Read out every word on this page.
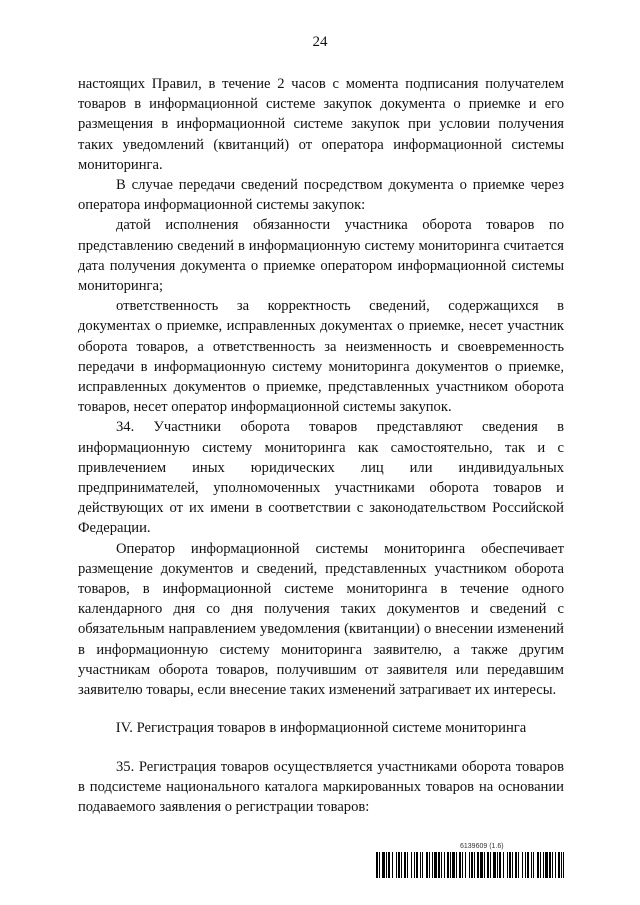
24

настоящих Правил, в течение 2 часов с момента подписания получателем товаров в информационной системе закупок документа о приемке и его размещения в информационной системе закупок при условии получения таких уведомлений (квитанций) от оператора информационной системы мониторинга.

В случае передачи сведений посредством документа о приемке через оператора информационной системы закупок:

датой исполнения обязанности участника оборота товаров по представлению сведений в информационную систему мониторинга считается дата получения документа о приемке оператором информационной системы мониторинга;

ответственность за корректность сведений, содержащихся в документах о приемке, исправленных документах о приемке, несет участник оборота товаров, а ответственность за неизменность и своевременность передачи в информационную систему мониторинга документов о приемке, исправленных документов о приемке, представленных участником оборота товаров, несет оператор информационной системы закупок.

34. Участники оборота товаров представляют сведения в информационную систему мониторинга как самостоятельно, так и с привлечением иных юридических лиц или индивидуальных предпринимателей, уполномоченных участниками оборота товаров и действующих от их имени в соответствии с законодательством Российской Федерации.

Оператор информационной системы мониторинга обеспечивает размещение документов и сведений, представленных участником оборота товаров, в информационной системе мониторинга в течение одного календарного дня со дня получения таких документов и сведений с обязательным направлением уведомления (квитанции) о внесении изменений в информационную систему мониторинга заявителю, а также другим участникам оборота товаров, получившим от заявителя или передавшим заявителю товары, если внесение таких изменений затрагивает их интересы.

IV. Регистрация товаров в информационной системе мониторинга

35. Регистрация товаров осуществляется участниками оборота товаров в подсистеме национального каталога маркированных товаров на основании подаваемого заявления о регистрации товаров:

6139609 (1.6)
